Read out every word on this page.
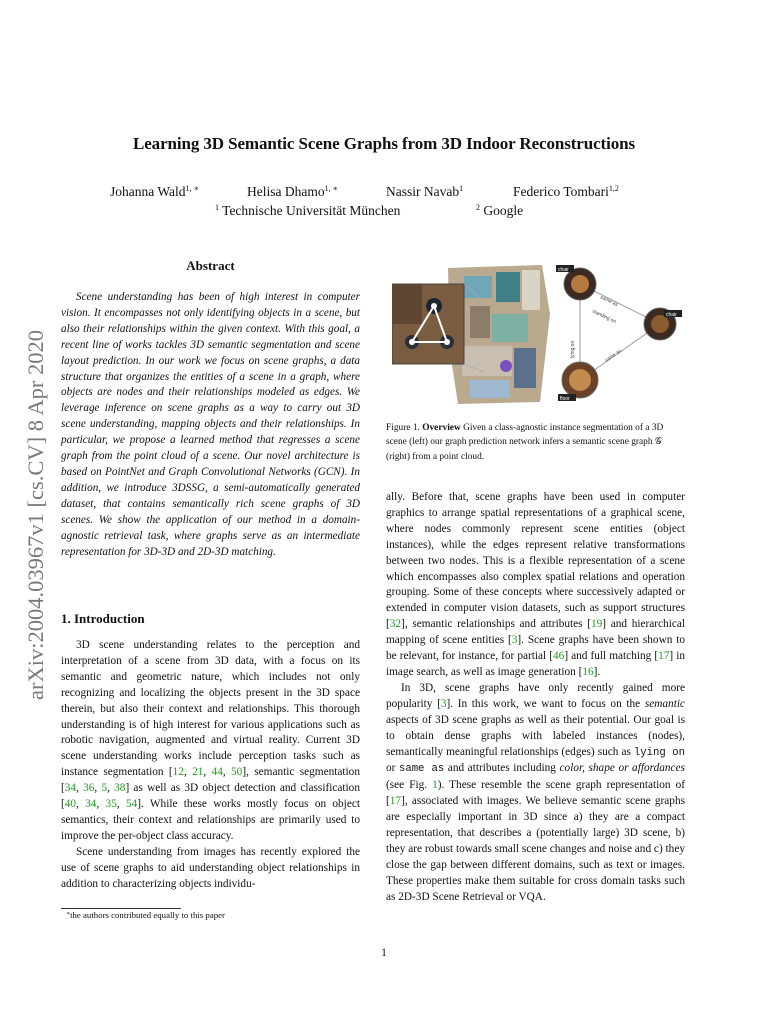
Learning 3D Semantic Scene Graphs from 3D Indoor Reconstructions
Johanna Wald$^{1, ∗}$	Helisa Dhamo$^{1, ∗}$	Nassir Navab$^1$	Federico Tombari$^{1,2}$
$^1$ Technische Universität München	$^2$ Google
arXiv:2004.03967v1 [cs.CV] 8 Apr 2020
Abstract
Scene understanding has been of high interest in computer vision. It encompasses not only identifying objects in a scene, but also their relationships within the given context. With this goal, a recent line of works tackles 3D semantic segmentation and scene layout prediction. In our work we focus on scene graphs, a data structure that organizes the entities of a scene in a graph, where objects are nodes and their relationships modeled as edges. We leverage inference on scene graphs as a way to carry out 3D scene understanding, mapping objects and their relationships. In particular, we propose a learned method that regresses a scene graph from the point cloud of a scene. Our novel architecture is based on PointNet and Graph Convolutional Networks (GCN). In addition, we introduce 3DSSG, a semi-automatically generated dataset, that contains semantically rich scene graphs of 3D scenes. We show the application of our method in a domain-agnostic retrieval task, where graphs serve as an intermediate representation for 3D-3D and 2D-3D matching.
1. Introduction

3D scene understanding relates to the perception and interpretation of a scene from 3D data, with a focus on its semantic and geometric nature, which includes not only recognizing and localizing the objects present in the 3D space therein, but also their context and relationships. This thorough understanding is of high interest for various applications such as robotic navigation, augmented and virtual reality. Current 3D scene understanding works include perception tasks such as instance segmentation [12, 21, 44, 50], semantic segmentation [34, 36, 5, 38] as well as 3D object detection and classification [40, 34, 35, 54]. While these works mostly focus on object semantics, their context and relationships are primarily used to improve the per-object class accuracy.

Scene understanding from images has recently explored the use of scene graphs to aid understanding object relationships in addition to characterizing objects individu-

∗the authors contributed equally to this paper
chair
chair
floor
same as
standing on
lying on	same as
Figure 1. Overview Given a class-agnostic instance segmentation of a 3D scene (left) our graph prediction network infers a semantic scene graph 𝒢 (right) from a point cloud.

ally. Before that, scene graphs have been used in computer graphics to arrange spatial representations of a graphical scene, where nodes commonly represent scene entities (object instances), while the edges represent relative transformations between two nodes. This is a flexible representation of a scene which encompasses also complex spatial relations and operation grouping. Some of these concepts where successively adapted or extended in computer vision datasets, such as support structures [32], semantic relationships and attributes [19] and hierarchical mapping of scene entities [3]. Scene graphs have been shown to be relevant, for instance, for partial [46] and full matching [17] in image search, as well as image generation [16].

In 3D, scene graphs have only recently gained more popularity [3]. In this work, we want to focus on the semantic aspects of 3D scene graphs as well as their potential. Our goal is to obtain dense graphs with labeled instances (nodes), semantically meaningful relationships (edges) such as lying on or same as and attributes including color, shape or affordances (see Fig. 1). These resemble the scene graph representation of [17], associated with images. We believe semantic scene graphs are especially important in 3D since a) they are a compact representation, that describes a (potentially large) 3D scene, b) they are robust towards small scene changes and noise and c) they close the gap between different domains, such as text or images. These properties make them suitable for cross domain tasks such as 2D-3D Scene Retrieval or VQA.

1
